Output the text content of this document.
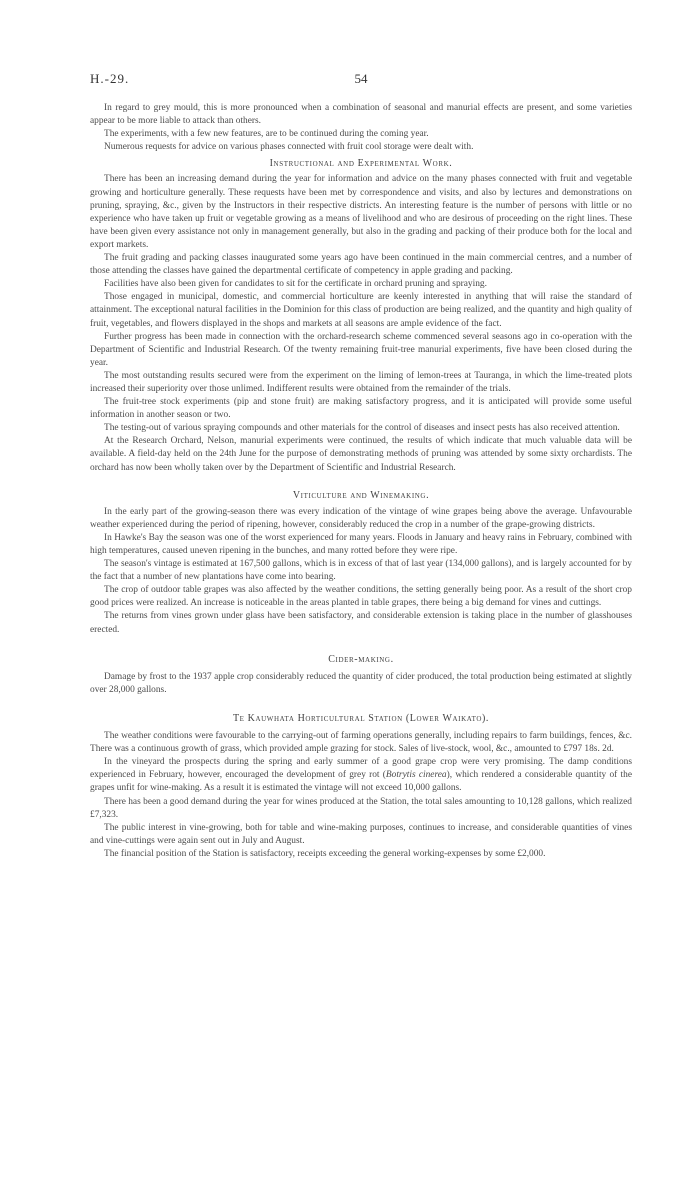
H.-29.	54

In regard to grey mould, this is more pronounced when a combination of seasonal and manurial effects are present, and some varieties appear to be more liable to attack than others.

The experiments, with a few new features, are to be continued during the coming year.

Numerous requests for advice on various phases connected with fruit cool storage were dealt with.

Instructional and Experimental Work.

There has been an increasing demand during the year for information and advice on the many phases connected with fruit and vegetable growing and horticulture generally. These requests have been met by correspondence and visits, and also by lectures and demonstrations on pruning, spraying, &c., given by the Instructors in their respective districts. An interesting feature is the number of persons with little or no experience who have taken up fruit or vegetable growing as a means of livelihood and who are desirous of proceeding on the right lines. These have been given every assistance not only in management generally, but also in the grading and packing of their produce both for the local and export markets.

The fruit grading and packing classes inaugurated some years ago have been continued in the main commercial centres, and a number of those attending the classes have gained the departmental certificate of competency in apple grading and packing.

Facilities have also been given for candidates to sit for the certificate in orchard pruning and spraying.

Those engaged in municipal, domestic, and commercial horticulture are keenly interested in anything that will raise the standard of attainment. The exceptional natural facilities in the Dominion for this class of production are being realized, and the quantity and high quality of fruit, vegetables, and flowers displayed in the shops and markets at all seasons are ample evidence of the fact.

Further progress has been made in connection with the orchard-research scheme commenced several seasons ago in co-operation with the Department of Scientific and Industrial Research. Of the twenty remaining fruit-tree manurial experiments, five have been closed during the year.

The most outstanding results secured were from the experiment on the liming of lemon-trees at Tauranga, in which the lime-treated plots increased their superiority over those unlimed. Indifferent results were obtained from the remainder of the trials.

The fruit-tree stock experiments (pip and stone fruit) are making satisfactory progress, and it is anticipated will provide some useful information in another season or two.

The testing-out of various spraying compounds and other materials for the control of diseases and insect pests has also received attention.

At the Research Orchard, Nelson, manurial experiments were continued, the results of which indicate that much valuable data will be available. A field-day held on the 24th June for the purpose of demonstrating methods of pruning was attended by some sixty orchardists. The orchard has now been wholly taken over by the Department of Scientific and Industrial Research.

Viticulture and Winemaking.

In the early part of the growing-season there was every indication of the vintage of wine grapes being above the average. Unfavourable weather experienced during the period of ripening, however, considerably reduced the crop in a number of the grape-growing districts.

In Hawke's Bay the season was one of the worst experienced for many years. Floods in January and heavy rains in February, combined with high temperatures, caused uneven ripening in the bunches, and many rotted before they were ripe.

The season's vintage is estimated at 167,500 gallons, which is in excess of that of last year (134,000 gallons), and is largely accounted for by the fact that a number of new plantations have come into bearing.

The crop of outdoor table grapes was also affected by the weather conditions, the setting generally being poor. As a result of the short crop good prices were realized. An increase is noticeable in the areas planted in table grapes, there being a big demand for vines and cuttings.

The returns from vines grown under glass have been satisfactory, and considerable extension is taking place in the number of glasshouses erected.

Cider-making.

Damage by frost to the 1937 apple crop considerably reduced the quantity of cider produced, the total production being estimated at slightly over 28,000 gallons.

Te Kauwhata Horticultural Station (Lower Waikato).

The weather conditions were favourable to the carrying-out of farming operations generally, including repairs to farm buildings, fences, &c. There was a continuous growth of grass, which provided ample grazing for stock. Sales of live-stock, wool, &c., amounted to £797 18s. 2d.

In the vineyard the prospects during the spring and early summer of a good grape crop were very promising. The damp conditions experienced in February, however, encouraged the development of grey rot (Botrytis cinerea), which rendered a considerable quantity of the grapes unfit for wine-making. As a result it is estimated the vintage will not exceed 10,000 gallons.

There has been a good demand during the year for wines produced at the Station, the total sales amounting to 10,128 gallons, which realized £7,323.

The public interest in vine-growing, both for table and wine-making purposes, continues to increase, and considerable quantities of vines and vine-cuttings were again sent out in July and August.

The financial position of the Station is satisfactory, receipts exceeding the general working-expenses by some £2,000.
